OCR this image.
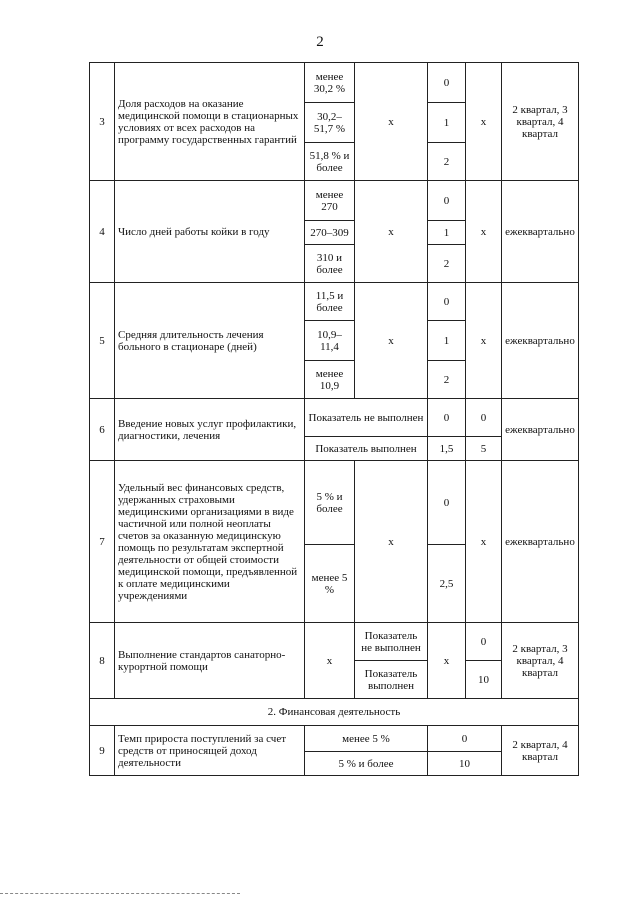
2
3	Доля расходов на оказание медицинской помощи в стационарных условиях от всех расходов на программу государственных гарантий	менее 30,2 %	x	0	x	2 квартал, 3 квартал, 4 квартал
		30,2–51,7 %		1		
		51,8 % и более		2		
4	Число дней работы койки в году	менее 270	x	0	x	ежеквартально
		270–309		1		
		310 и более		2		
5	Средняя длительность лечения больного в стационаре (дней)	11,5 и более	x	0	x	ежеквартально
		10,9–11,4		1		
		менее 10,9		2		
6	Введение новых услуг профилактики, диагностики, лечения	Показатель не выполнен		0	0	ежеквартально
		Показатель выполнен		1,5	5	
7	Удельный вес финансовых средств, удержанных страховыми медицинскими организациями в виде частичной или полной неоплаты счетов за оказанную медицинскую помощь по результатам экспертной деятельности от общей стоимости медицинской помощи, предъявленной к оплате медицинскими учреждениями	5 % и более	x	0	x	ежеквартально
		менее 5 %		2,5		
8	Выполнение стандартов санаторно-курортной помощи	x	Показатель не выполнен	x	0	2 квартал, 3 квартал, 4 квартал
			Показатель выполнен		10	
2. Финансовая деятельность						
9	Темп прироста поступлений за счет средств от приносящей доход деятельности	менее 5 %		0		2 квартал, 4 квартал
		5 % и более		10		
